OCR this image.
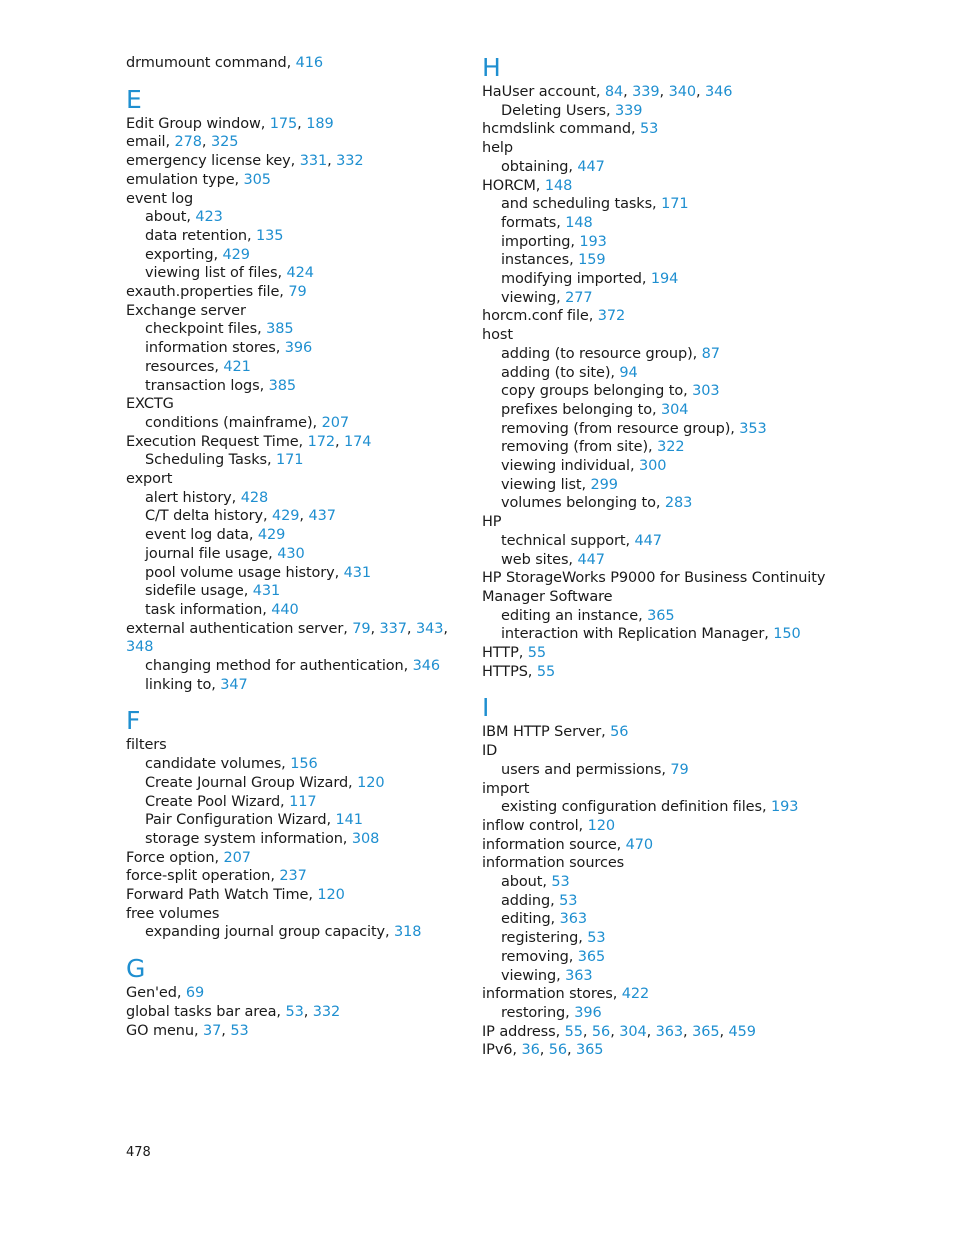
drmumount command, 416
E
Edit Group window, 175, 189
email, 278, 325
emergency license key, 331, 332
emulation type, 305
event log
about, 423
data retention, 135
exporting, 429
viewing list of files, 424
exauth.properties file, 79
Exchange server
checkpoint files, 385
information stores, 396
resources, 421
transaction logs, 385
EXCTG
conditions (mainframe), 207
Execution Request Time, 172, 174
Scheduling Tasks, 171
export
alert history, 428
C/T delta history, 429, 437
event log data, 429
journal file usage, 430
pool volume usage history, 431
sidefile usage, 431
task information, 440
external authentication server, 79, 337, 343,
348
changing method for authentication, 346
linking to, 347
F
filters
candidate volumes, 156
Create Journal Group Wizard, 120
Create Pool Wizard, 117
Pair Configuration Wizard, 141
storage system information, 308
Force option, 207
force-split operation, 237
Forward Path Watch Time, 120
free volumes
expanding journal group capacity, 318
G
Gen'ed, 69
global tasks bar area, 53, 332
GO menu, 37, 53
H
HaUser account, 84, 339, 340, 346
Deleting Users, 339
hcmdslink command, 53
help
obtaining, 447
HORCM, 148
and scheduling tasks, 171
formats, 148
importing, 193
instances, 159
modifying imported, 194
viewing, 277
horcm.conf file, 372
host
adding (to resource group), 87
adding (to site), 94
copy groups belonging to, 303
prefixes belonging to, 304
removing (from resource group), 353
removing (from site), 322
viewing individual, 300
viewing list, 299
volumes belonging to, 283
HP
technical support, 447
web sites, 447
HP StorageWorks P9000 for Business Continuity
Manager Software
editing an instance, 365
interaction with Replication Manager, 150
HTTP, 55
HTTPS, 55
I
IBM HTTP Server, 56
ID
users and permissions, 79
import
existing configuration definition files, 193
inflow control, 120
information source, 470
information sources
about, 53
adding, 53
editing, 363
registering, 53
removing, 365
viewing, 363
information stores, 422
restoring, 396
IP address, 55, 56, 304, 363, 365, 459
IPv6, 36, 56, 365
478
